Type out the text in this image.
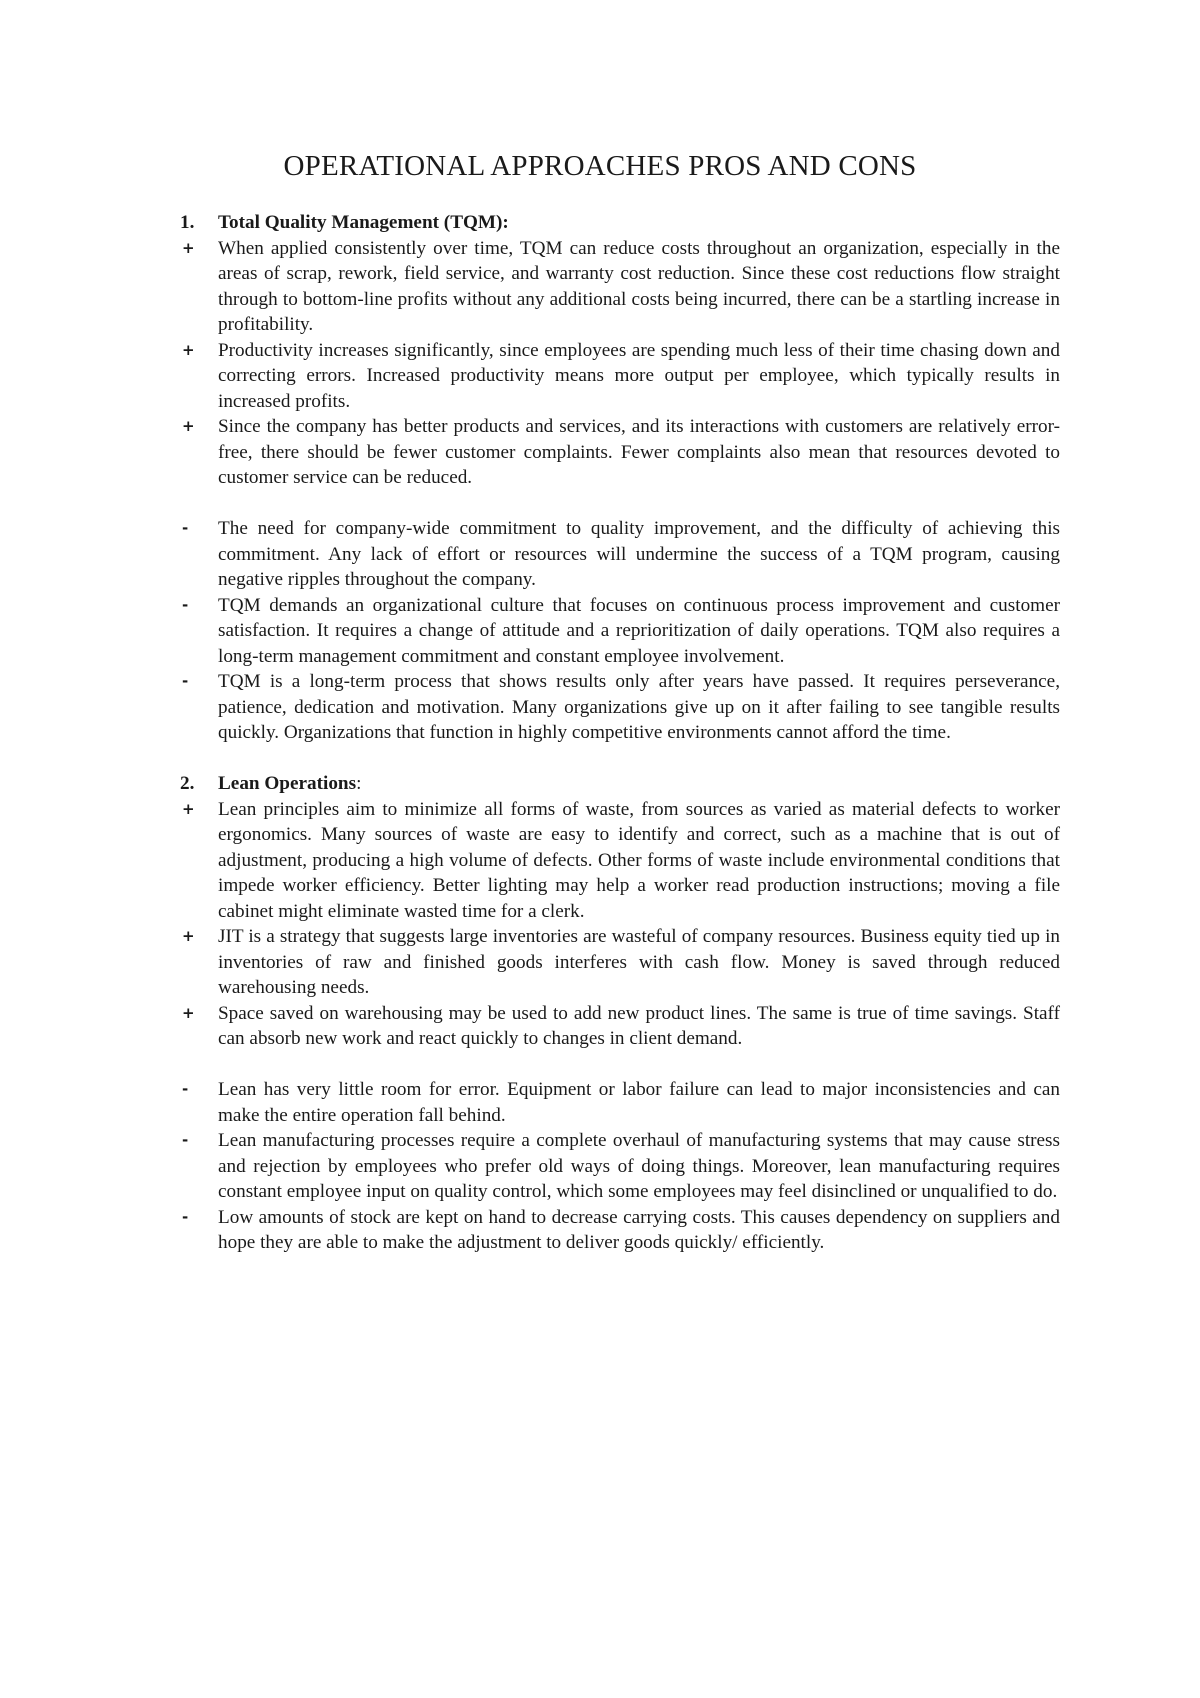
OPERATIONAL APPROACHES PROS AND CONS
1.	Total Quality Management (TQM):
+	When applied consistently over time, TQM can reduce costs throughout an organization, especially in the areas of scrap, rework, field service, and warranty cost reduction. Since these cost reductions flow straight through to bottom-line profits without any additional costs being incurred, there can be a startling increase in profitability.
+	Productivity increases significantly, since employees are spending much less of their time chasing down and correcting errors. Increased productivity means more output per employee, which typically results in increased profits.
+	Since the company has better products and services, and its interactions with customers are relatively error-free, there should be fewer customer complaints. Fewer complaints also mean that resources devoted to customer service can be reduced.
-	The need for company-wide commitment to quality improvement, and the difficulty of achieving this commitment. Any lack of effort or resources will undermine the success of a TQM program, causing negative ripples throughout the company.
-	TQM demands an organizational culture that focuses on continuous process improvement and customer satisfaction. It requires a change of attitude and a reprioritization of daily operations. TQM also requires a long-term management commitment and constant employee involvement.
-	TQM is a long-term process that shows results only after years have passed. It requires perseverance, patience, dedication and motivation. Many organizations give up on it after failing to see tangible results quickly. Organizations that function in highly competitive environments cannot afford the time.
2.	Lean Operations:
+	Lean principles aim to minimize all forms of waste, from sources as varied as material defects to worker ergonomics. Many sources of waste are easy to identify and correct, such as a machine that is out of adjustment, producing a high volume of defects. Other forms of waste include environmental conditions that impede worker efficiency. Better lighting may help a worker read production instructions; moving a file cabinet might eliminate wasted time for a clerk.
+	JIT is a strategy that suggests large inventories are wasteful of company resources. Business equity tied up in inventories of raw and finished goods interferes with cash flow. Money is saved through reduced warehousing needs.
+	Space saved on warehousing may be used to add new product lines. The same is true of time savings. Staff can absorb new work and react quickly to changes in client demand.
-	Lean has very little room for error. Equipment or labor failure can lead to major inconsistencies and can make the entire operation fall behind.
-	Lean manufacturing processes require a complete overhaul of manufacturing systems that may cause stress and rejection by employees who prefer old ways of doing things. Moreover, lean manufacturing requires constant employee input on quality control, which some employees may feel disinclined or unqualified to do.
-	Low amounts of stock are kept on hand to decrease carrying costs. This causes dependency on suppliers and hope they are able to make the adjustment to deliver goods quickly/ efficiently.
